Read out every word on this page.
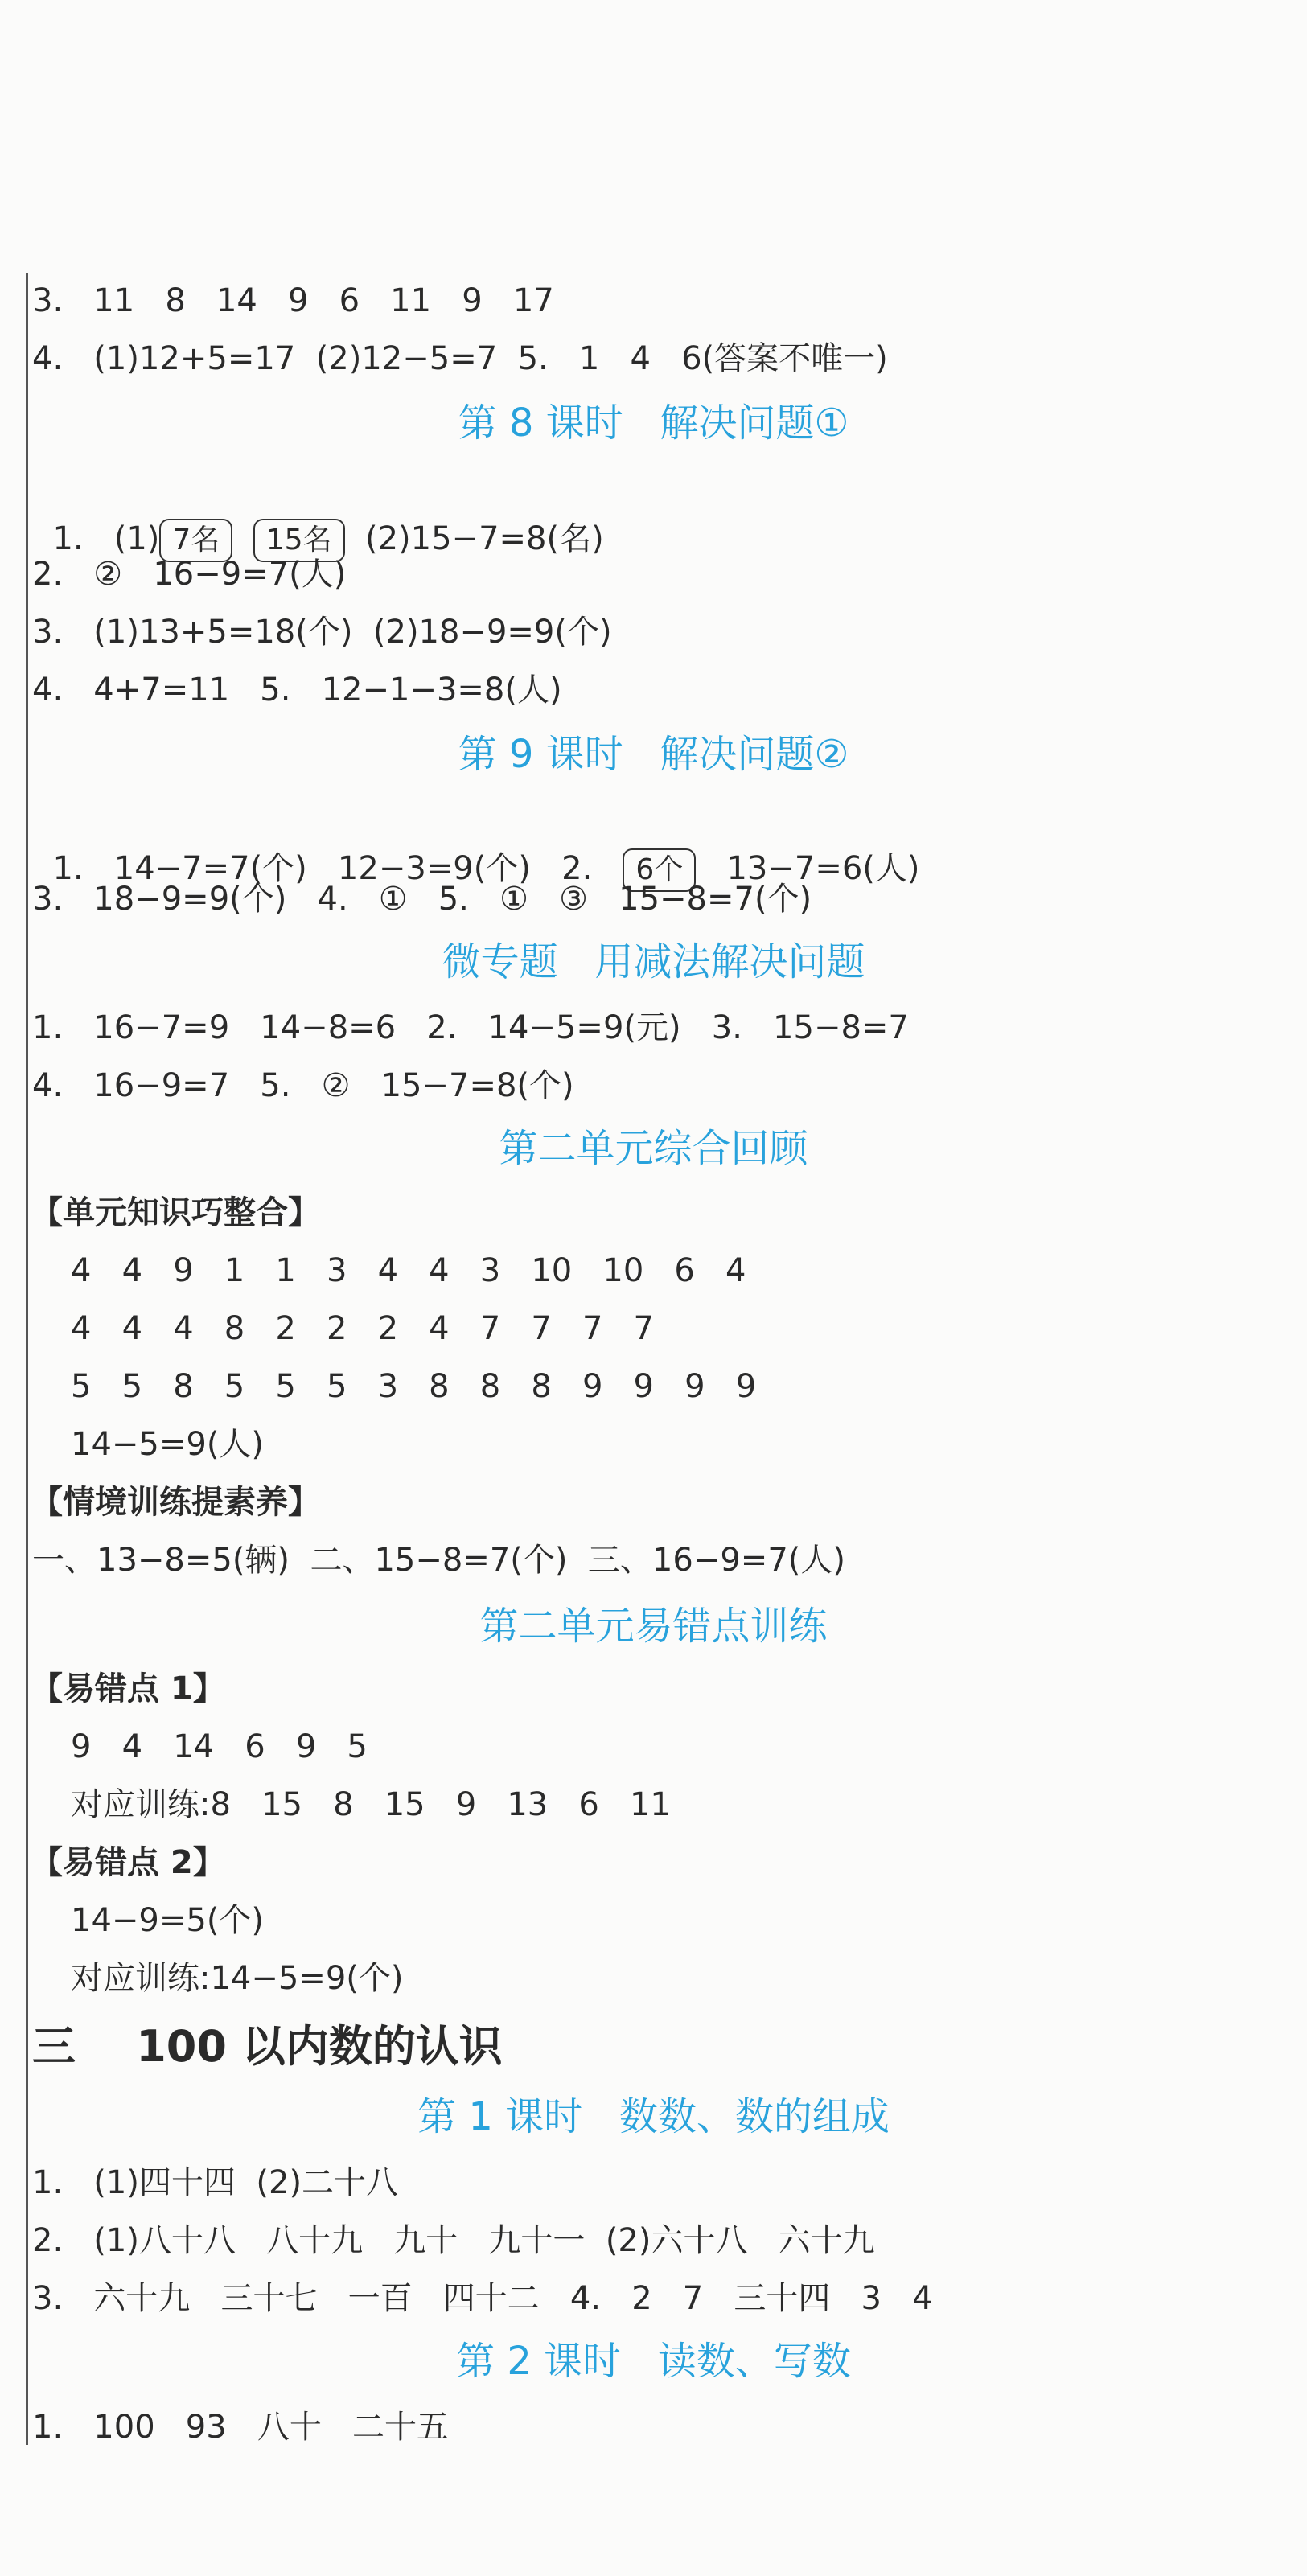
3.   11   8   14   9   6   11   9   17
4.   (1)12+5=17  (2)12−5=7  5.   1   4   6(答案不唯一)
第 8 课时   解决问题①

1.   (1) 7名 15名  (2)15−7=8(名)

2.   ②   16−9=7(人)
3.   (1)13+5=18(个)  (2)18−9=9(个)
4.   4+7=11   5.   12−1−3=8(人)
第 9 课时   解决问题②

1.   14−7=7(个)   12−3=9(个)   2.   6个   13−7=6(人)

3.   18−9=9(个)   4.   ①   5.   ①   ③   15−8=7(个)
微专题   用减法解决问题
1.   16−7=9   14−8=6   2.   14−5=9(元)   3.   15−8=7
4.   16−9=7   5.   ②   15−7=8(个)
第二单元综合回顾
【单元知识巧整合】
4   4   9   1   1   3   4   4   3   10   10   6   4
4   4   4   8   2   2   2   4   7   7   7   7
5   5   8   5   5   5   3   8   8   8   9   9   9   9
14−5=9(人)
【情境训练提素养】
一、13−8=5(辆)  二、15−8=7(个)  三、16−9=7(人)
第二单元易错点训练
【易错点 1】
9   4   14   6   9   5
对应训练:8   15   8   15   9   13   6   11
【易错点 2】
14−9=5(个)
对应训练:14−5=9(个)
三    100 以内数的认识
第 1 课时   数数、数的组成
1.   (1)四十四  (2)二十八
2.   (1)八十八   八十九   九十   九十一  (2)六十八   六十九
3.   六十九   三十七   一百   四十二   4.   2   7   三十四   3   4
第 2 课时   读数、写数
1.   100   93   八十   二十五
